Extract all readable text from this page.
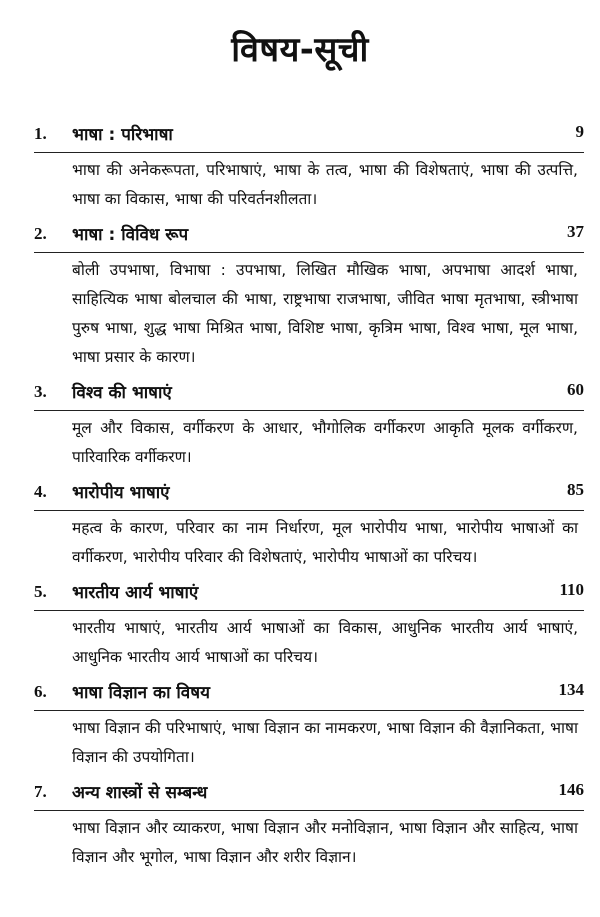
विषय-सूची
1. भाषा : परिभाषा	9
भाषा की अनेकरूपता, परिभाषाएं, भाषा के तत्व, भाषा की विशेषताएं, भाषा की उत्पत्ति, भाषा का विकास, भाषा की परिवर्तनशीलता।
2. भाषा : विविध रूप	37
बोली उपभाषा, विभाषा : उपभाषा, लिखित मौखिक भाषा, अपभाषा आदर्श भाषा, साहित्यिक भाषा बोलचाल की भाषा, राष्ट्रभाषा राजभाषा, जीवित भाषा मृतभाषा, स्त्रीभाषा पुरुष भाषा, शुद्ध भाषा मिश्रित भाषा, विशिष्ट भाषा, कृत्रिम भाषा, विश्व भाषा, मूल भाषा, भाषा प्रसार के कारण।
3. विश्व की भाषाएं	60
मूल और विकास, वर्गीकरण के आधार, भौगोलिक वर्गीकरण आकृति मूलक वर्गीकरण, पारिवारिक वर्गीकरण।
4. भारोपीय भाषाएं	85
महत्व के कारण, परिवार का नाम निर्धारण, मूल भारोपीय भाषा, भारोपीय भाषाओं का वर्गीकरण, भारोपीय परिवार की विशेषताएं, भारोपीय भाषाओं का परिचय।
5. भारतीय आर्य भाषाएं	110
भारतीय भाषाएं, भारतीय आर्य भाषाओं का विकास, आधुनिक भारतीय आर्य भाषाएं, आधुनिक भारतीय आर्य भाषाओं का परिचय।
6. भाषा विज्ञान का विषय	134
भाषा विज्ञान की परिभाषाएं, भाषा विज्ञान का नामकरण, भाषा विज्ञान की वैज्ञानिकता, भाषा विज्ञान की उपयोगिता।
7. अन्य शास्त्रों से सम्बन्ध	146
भाषा विज्ञान और व्याकरण, भाषा विज्ञान और मनोविज्ञान, भाषा विज्ञान और साहित्य, भाषा विज्ञान और भूगोल, भाषा विज्ञान और शरीर विज्ञान।
